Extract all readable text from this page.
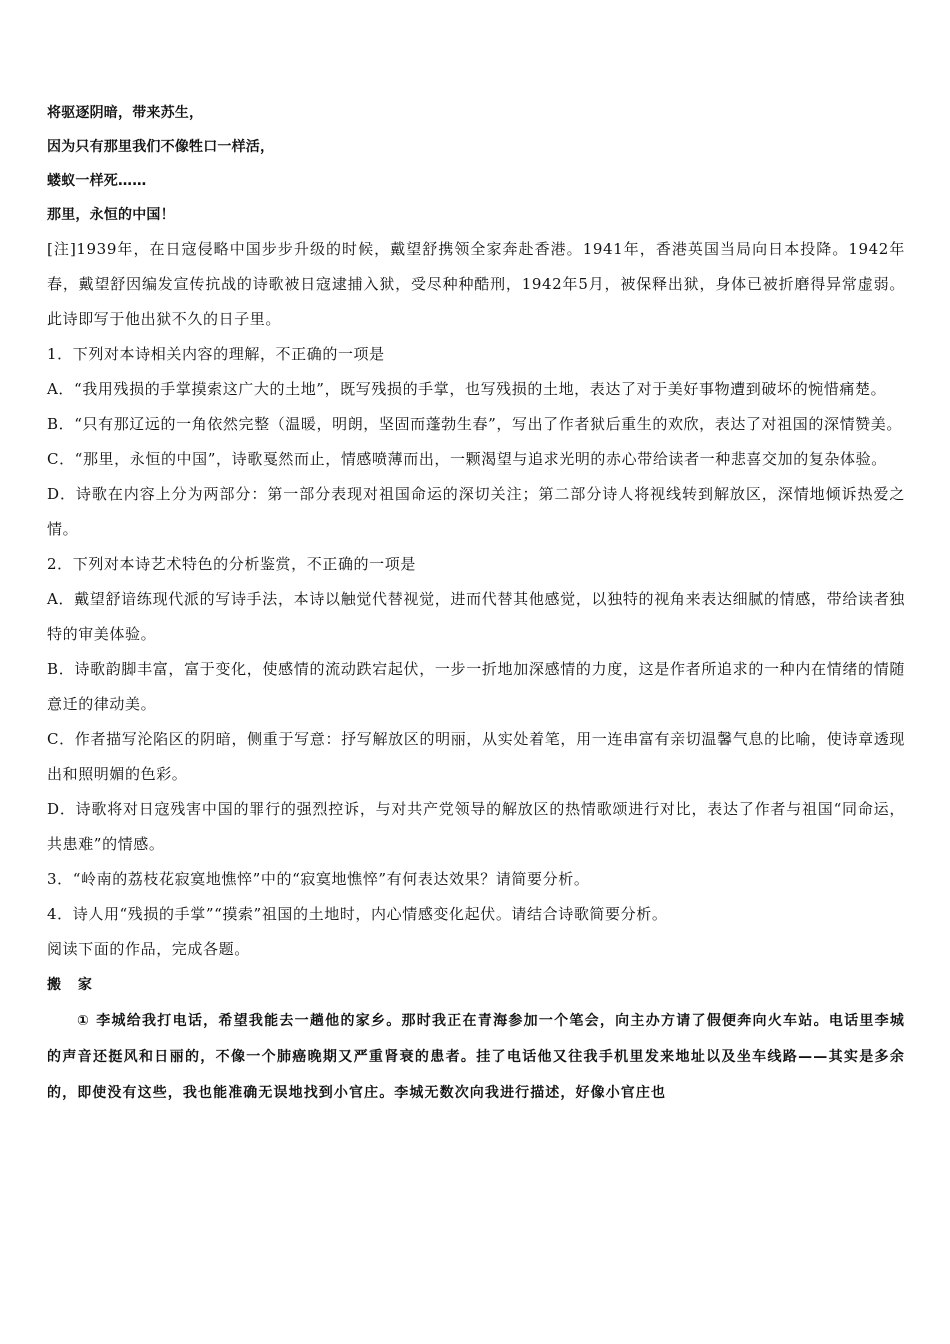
将驱逐阴暗，带来苏生，
因为只有那里我们不像牲口一样活，
蝼蚁一样死……
那里，永恒的中国！
[注]1939年，在日寇侵略中国步步升级的时候，戴望舒携领全家奔赴香港。1941年，香港英国当局向日本投降。1942年春，戴望舒因编发宣传抗战的诗歌被日寇逮捕入狱，受尽种种酷刑，1942年5月，被保释出狱，身体已被折磨得异常虚弱。此诗即写于他出狱不久的日子里。
1．下列对本诗相关内容的理解，不正确的一项是
A．“我用残损的手掌摸索这广大的土地”，既写残损的手掌，也写残损的土地，表达了对于美好事物遭到破坏的惋惜痛楚。
B．“只有那辽远的一角依然完整（温暖，明朗，坚固而蓬勃生春”，写出了作者狱后重生的欢欣，表达了对祖国的深情赞美。
C．“那里，永恒的中国”，诗歌戛然而止，情感喷薄而出，一颗渴望与追求光明的赤心带给读者一种悲喜交加的复杂体验。
D．诗歌在内容上分为两部分：第一部分表现对祖国命运的深切关注；第二部分诗人将视线转到解放区，深情地倾诉热爱之情。
2．下列对本诗艺术特色的分析鉴赏，不正确的一项是
A．戴望舒谙练现代派的写诗手法，本诗以触觉代替视觉，进而代替其他感觉，以独特的视角来表达细腻的情感，带给读者独特的审美体验。
B．诗歌韵脚丰富，富于变化，使感情的流动跌宕起伏，一步一折地加深感情的力度，这是作者所追求的一种内在情绪的情随意迁的律动美。
C．作者描写沦陷区的阴暗，侧重于写意：抒写解放区的明丽，从实处着笔，用一连串富有亲切温馨气息的比喻，使诗章透现出和照明媚的色彩。
D．诗歌将对日寇残害中国的罪行的强烈控诉，与对共产党领导的解放区的热情歌颂进行对比，表达了作者与祖国“同命运，共患难”的情感。
3．“岭南的荔枝花寂寞地憔悴”中的“寂寞地憔悴”有何表达效果？请简要分析。
4．诗人用“残损的手掌”“摸索”祖国的土地时，内心情感变化起伏。请结合诗歌简要分析。
阅读下面的作品，完成各题。
搬 家
① 李城给我打电话，希望我能去一趟他的家乡。那时我正在青海参加一个笔会，向主办方请了假便奔向火车站。电话里李城的声音还挺风和日丽的，不像一个肺癌晚期又严重肾衰的患者。挂了电话他又往我手机里发来地址以及坐车线路——其实是多余的，即使没有这些，我也能准确无误地找到小官庄。李城无数次向我进行描述，好像小官庄也
